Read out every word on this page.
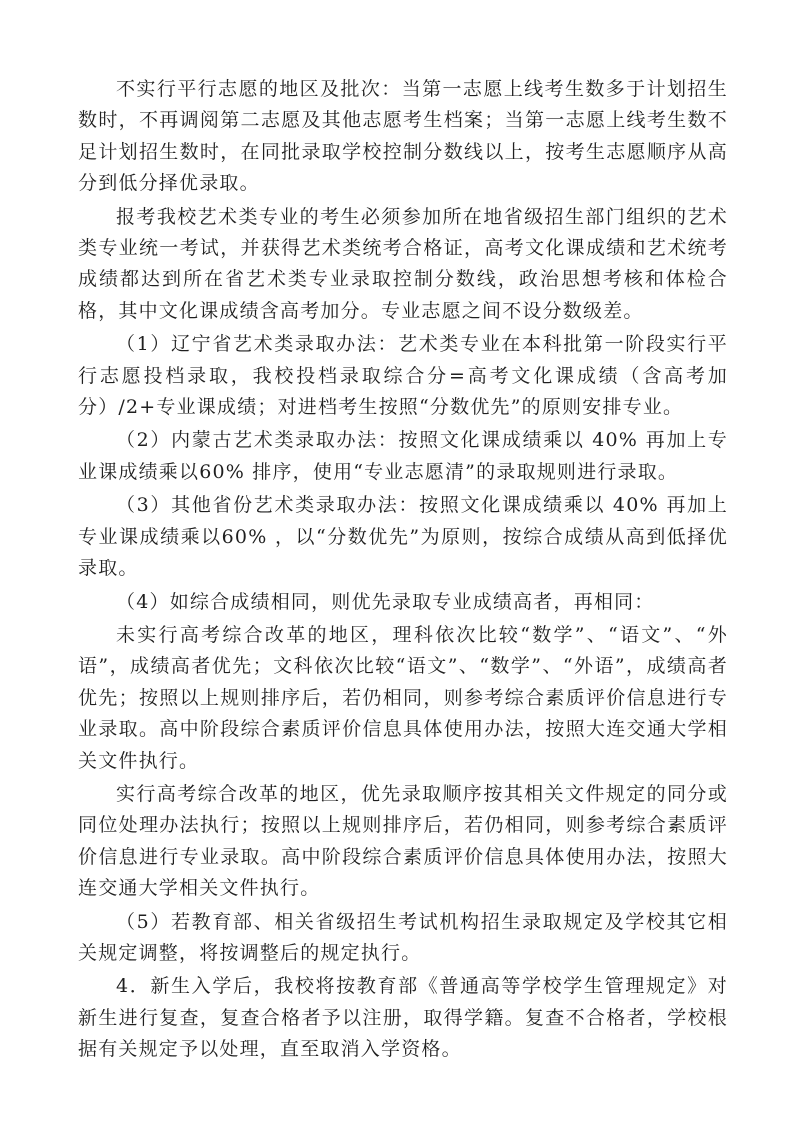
不实行平行志愿的地区及批次：当第一志愿上线考生数多于计划招生数时，不再调阅第二志愿及其他志愿考生档案；当第一志愿上线考生数不足计划招生数时，在同批录取学校控制分数线以上，按考生志愿顺序从高分到低分择优录取。

报考我校艺术类专业的考生必须参加所在地省级招生部门组织的艺术类专业统一考试，并获得艺术类统考合格证，高考文化课成绩和艺术统考成绩都达到所在省艺术类专业录取控制分数线，政治思想考核和体检合格，其中文化课成绩含高考加分。专业志愿之间不设分数级差。

（1）辽宁省艺术类录取办法：艺术类专业在本科批第一阶段实行平行志愿投档录取，我校投档录取综合分=高考文化课成绩（含高考加分）/2+专业课成绩；对进档考生按照“分数优先”的原则安排专业。

（2）内蒙古艺术类录取办法：按照文化课成绩乘以 40% 再加上专业课成绩乘以60% 排序，使用“专业志愿清”的录取规则进行录取。

（3）其他省份艺术类录取办法：按照文化课成绩乘以 40% 再加上专业课成绩乘以60% ，以“分数优先”为原则，按综合成绩从高到低择优录取。

（4）如综合成绩相同，则优先录取专业成绩高者，再相同：

未实行高考综合改革的地区，理科依次比较“数学”、“语文”、“外语”，成绩高者优先；文科依次比较“语文”、“数学”、“外语”，成绩高者优先；按照以上规则排序后，若仍相同，则参考综合素质评价信息进行专业录取。高中阶段综合素质评价信息具体使用办法，按照大连交通大学相关文件执行。

实行高考综合改革的地区，优先录取顺序按其相关文件规定的同分或同位处理办法执行；按照以上规则排序后，若仍相同，则参考综合素质评价信息进行专业录取。高中阶段综合素质评价信息具体使用办法，按照大连交通大学相关文件执行。

（5）若教育部、相关省级招生考试机构招生录取规定及学校其它相关规定调整，将按调整后的规定执行。

4．新生入学后，我校将按教育部《普通高等学校学生管理规定》对新生进行复查，复查合格者予以注册，取得学籍。复查不合格者，学校根据有关规定予以处理，直至取消入学资格。
